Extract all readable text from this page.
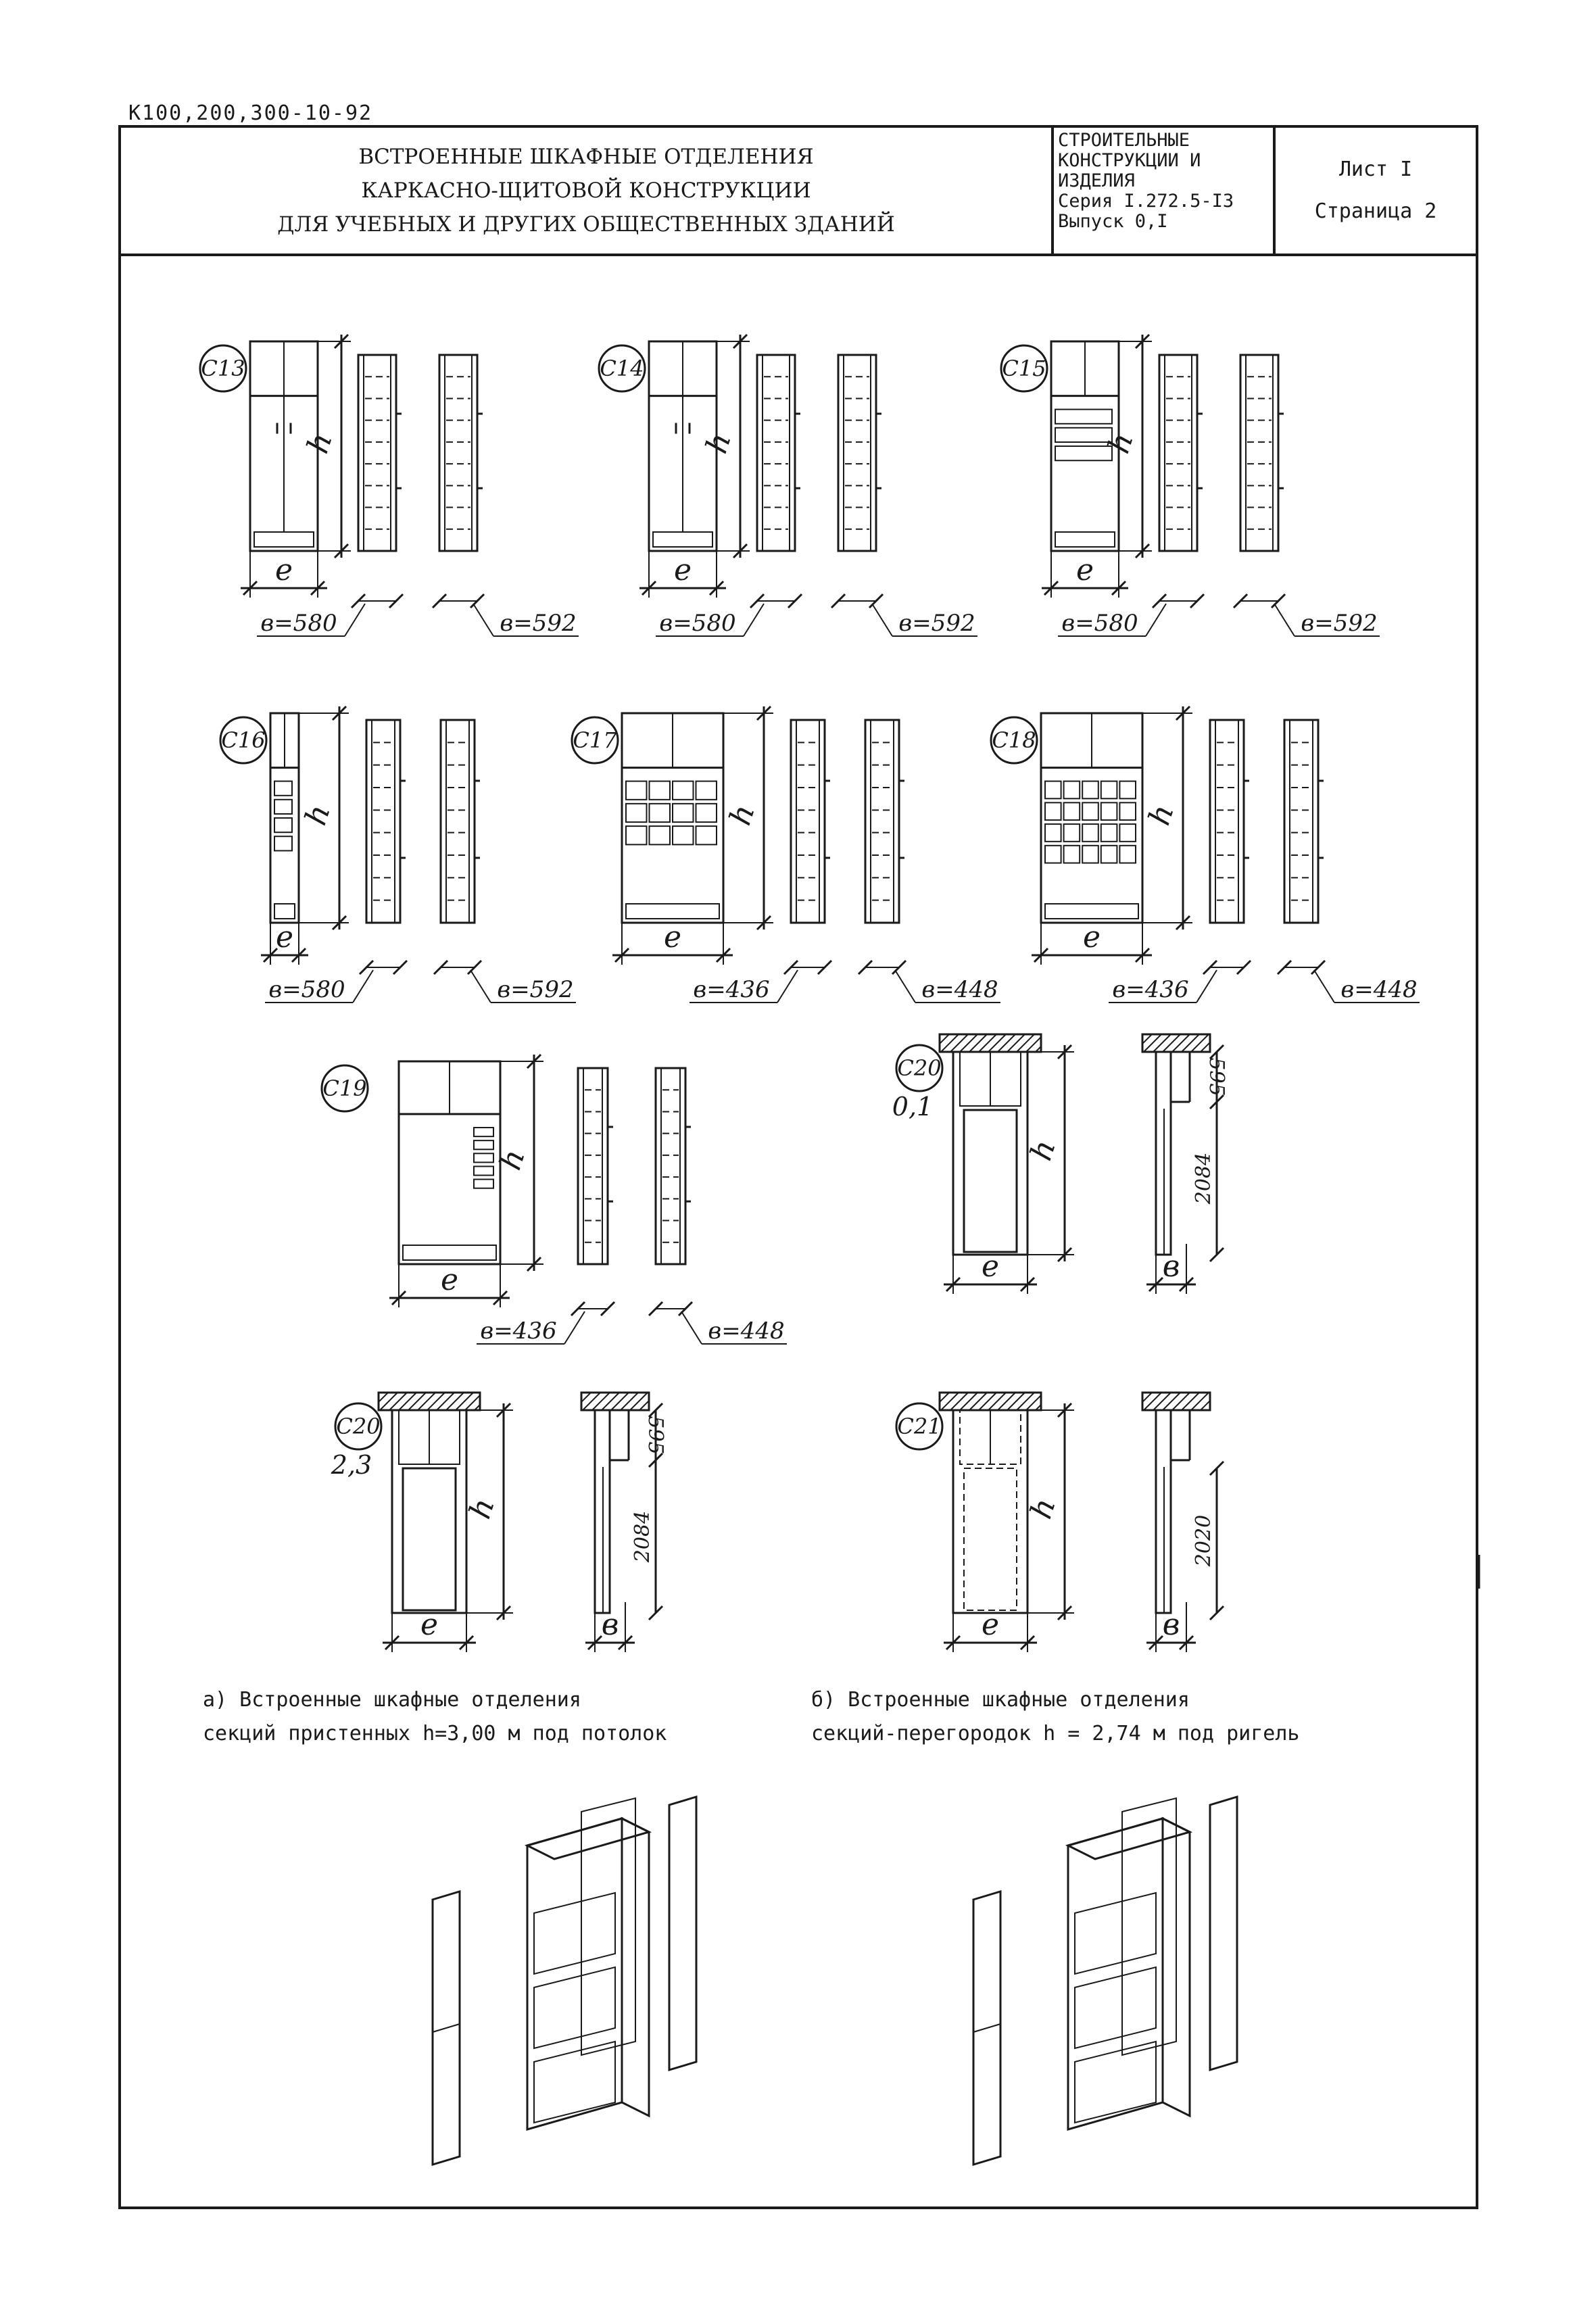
К100,200,300-10-92
ВСТРОЕННЫЕ ШКАФНЫЕ ОТДЕЛЕНИЯ
КАРКАСНО-ЩИТОВОЙ КОНСТРУКЦИИ
ДЛЯ УЧЕБНЫХ И ДРУГИХ ОБЩЕСТВЕННЫХ ЗДАНИЙ
СТРОИТЕЛЬНЫЕ
КОНСТРУКЦИИ И
ИЗДЕЛИЯ
Серия I.272.5-I3
Выпуск 0,I
Лист I
Страница 2
C13
h
e
в=580	в=592
C14
h
e
в=580	в=592
C15
h
e
в=580	в=592
C16
h
e
в=580	в=592
C17
h
e
в=436	в=448
C18
h
e
в=436	в=448
C19
h
e
в=436	в=448
C20
0,1
h
e	в
595
2084
C20
2,3
h
e	в
595
2084
C21
h
e	в
2020
а) Встроенные шкафные отделения
секций пристенных h=3,00 м под потолок
б) Встроенные шкафные отделения
секций-перегородок h = 2,74 м под ригель
